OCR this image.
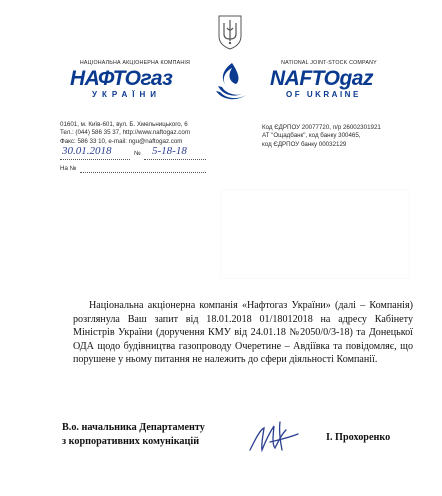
НАЦІОНАЛЬНА АКЦІОНЕРНА КОМПАНІЯ
НАФТОгаз
УКРАЇНИ
NATIONAL JOINT-STOCK COMPANY
NAFTOgaz
OF UKRAINE
01601, м. Київ-601, вул. Б. Хмельницького, 6
Тел.: (044) 586 35 37, http://www.naftogaz.com
Факс: 586 33 10, e-mail: ngu@naftogaz.com
Код ЄДРПОУ 20077720, п/р 26002301921
АТ "Ощадбанк", код банку 300465,
код ЄДРПОУ банку 00032129
30.01.2018	№ 5-18-18
На №

Національна акціонерна компанія «Нафтогаз України» (далі – Компанія) розглянула Ваш запит від 18.01.2018 01/18012018 на адресу Кабінету Міністрів України (доручення КМУ від 24.01.18 №2050/0/3-18) та Донецької ОДА щодо будівництва газопроводу Очеретине – Авдіївка та повідомляє, що порушене у ньому питання не належить до сфери діяльності Компанії.

В.о. начальника Департаменту
з корпоративних комунікацій	І. Прохоренко
